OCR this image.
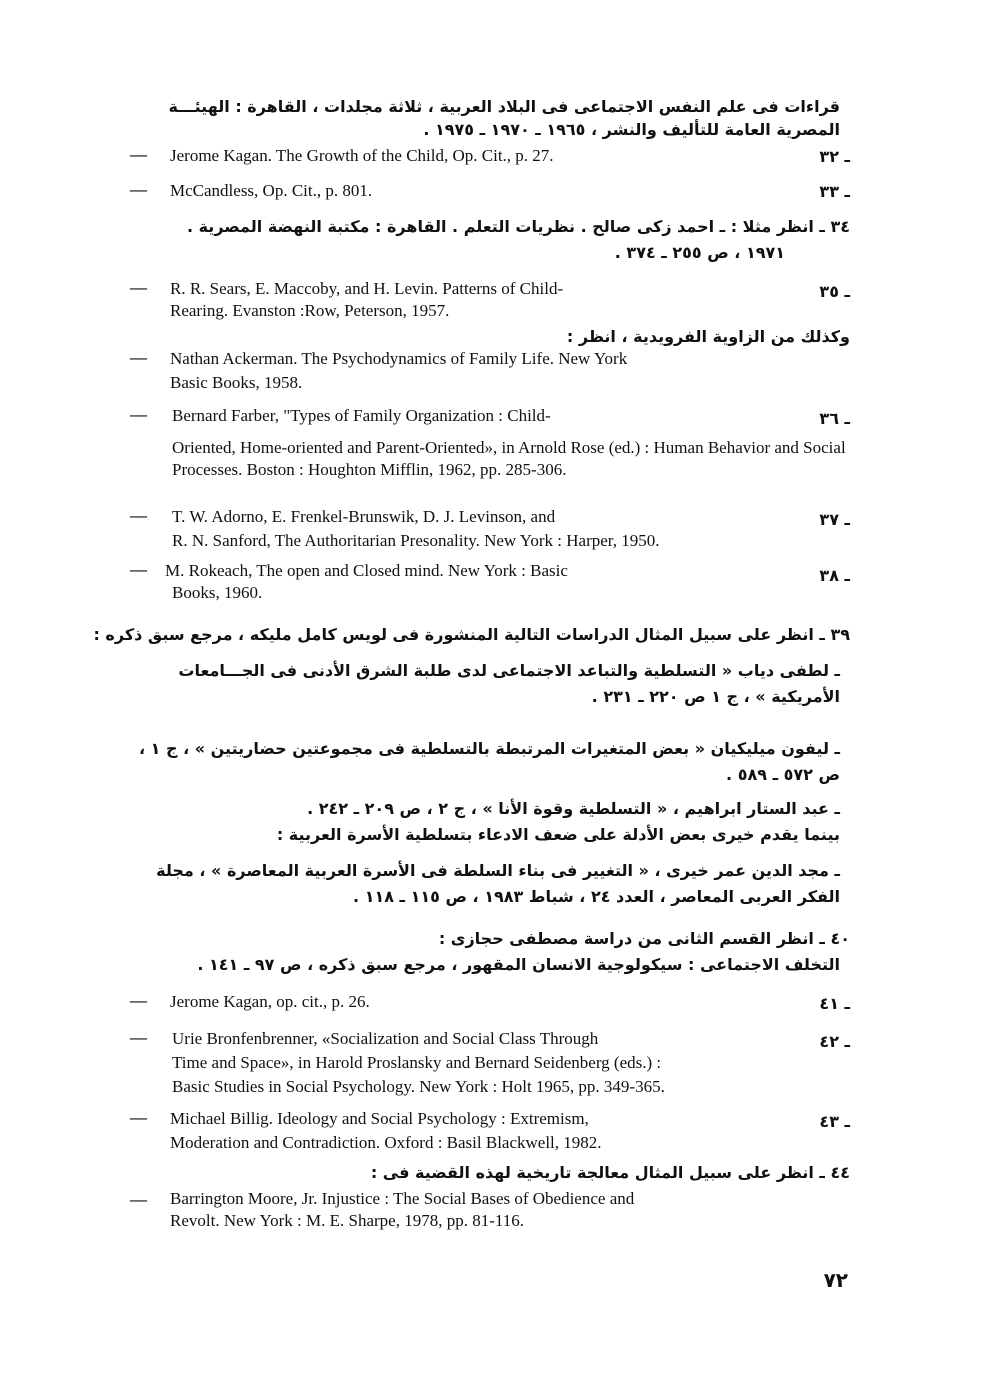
قراءات فى علم النفس الاجتماعى فى البلاد العربية ، ثلاثة مجلدات ، القاهرة : الهيئـــة
المصرية العامة للتأليف والنشر ، ١٩٦٥ ـ ١٩٧٠ ـ ١٩٧٥ .
— Jerome Kagan. The Growth of the Child, Op. Cit., p. 27.	ـ ٣٢
— McCandless, Op. Cit., p. 801.	ـ ٣٣
٣٤ ـ انظر مثلا : ـ احمد زكى صالح . نظريات التعلم . القاهرة : مكتبة النهضة المصرية .
١٩٧١ ، ص ٢٥٥ ـ ٣٧٤ .
— R. R. Sears, E. Maccoby, and H. Levin. Patterns of Child-	ـ ٣٥
Rearing. Evanston :Row, Peterson, 1957.
وكذلك من الزاوية الفرويدية ، انظر :
— Nathan Ackerman. The Psychodynamics of Family Life. New York
Basic Books, 1958.
— Bernard Farber, "Types of Family Organization : Child-	ـ ٣٦
Oriented, Home-oriented and Parent-Oriented», in Arnold Rose (ed.) : Human Behavior and Social Processes. Boston : Houghton Mifflin, 1962, pp. 285-306.
— T. W. Adorno, E. Frenkel-Brunswik, D. J. Levinson, and	ـ ٣٧
R. N. Sanford, The Authoritarian Presonality. New York : Harper, 1950.
— M. Rokeach, The open and Closed mind. New York : Basic	ـ ٣٨
Books, 1960.
٣٩ ـ انظر على سبيل المثال الدراسات التالية المنشورة فى لويس كامل مليكه ، مرجع سبق ذكره :
ـ لطفى دياب « التسلطية والتباعد الاجتماعى لدى طلبة الشرق الأدنى فى الجـــامعات
الأمريكية » ، ج ١ ص ٢٢٠ ـ ٢٣١ .
ـ ليفون ميليكيان « بعض المتغيرات المرتبطة بالتسلطية فى مجموعتين حضاريتين » ، ج ١ ،
ص ٥٧٢ ـ ٥٨٩ .
ـ عبد الستار ابراهيم ، « التسلطية وقوة الأنا » ، ج ٢ ، ص ٢٠٩ ـ ٢٤٢ .
بينما يقدم خيرى بعض الأدلة على ضعف الادعاء بتسلطية الأسرة العربية :
ـ مجد الدين عمر خيرى ، « التغيير فى بناء السلطة فى الأسرة العربية المعاصرة » ، مجلة
الفكر العربى المعاصر ، العدد ٢٤ ، شباط ١٩٨٣ ، ص ١١٥ ـ ١١٨ .
٤٠ ـ انظر القسم الثانى من دراسة مصطفى حجازى :
التخلف الاجتماعى : سيكولوجية الانسان المقهور ، مرجع سبق ذكره ، ص ٩٧ ـ ١٤١ .
— Jerome Kagan, op. cit., p. 26.	ـ ٤١
— Urie Bronfenbrenner, «Socialization and Social Class Through	ـ ٤٢
Time and Space», in Harold Proslansky and Bernard Seidenberg (eds.) :
Basic Studies in Social Psychology. New York : Holt 1965, pp. 349-365.
— Michael Billig. Ideology and Social Psychology : Extremism,	ـ ٤٣
Moderation and Contradiction. Oxford : Basil Blackwell, 1982.
٤٤ ـ انظر على سبيل المثال معالجة تاريخية لهذه القضية فى :
— Barrington Moore, Jr. Injustice : The Social Bases of Obedience and
Revolt. New York : M. E. Sharpe, 1978, pp. 81-116.
٧٢
